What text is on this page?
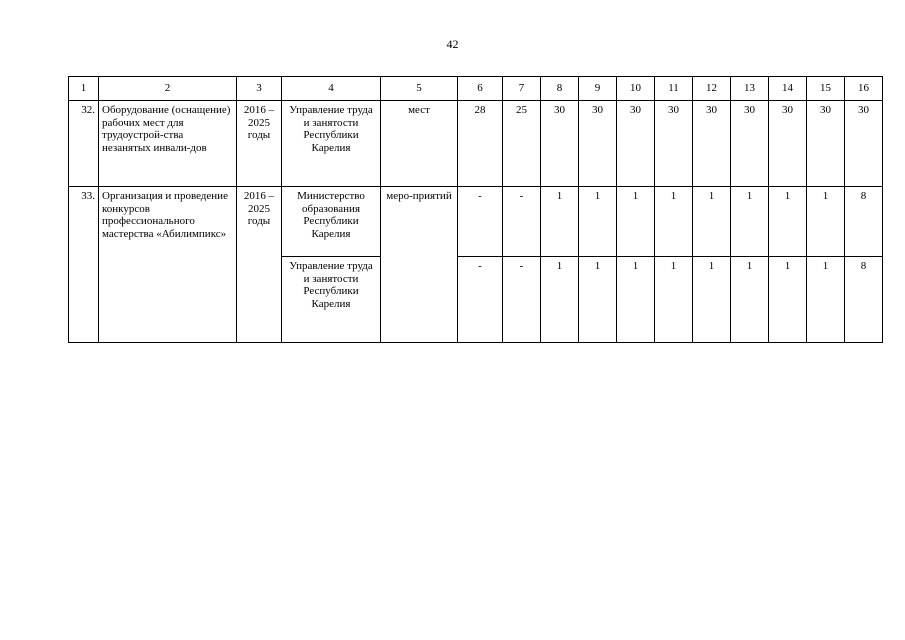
42
1	2	3	4	5	6	7	8	9	10	11	12	13	14	15	16
32.	Оборудование (оснащение) рабочих мест для трудоустрой-ства незанятых инвали-дов	2016 – 2025 годы	Управление труда и занятости Республики Карелия	мест	28	25	30	30	30	30	30	30	30	30	30
33.	Организация и проведение конкурсов профессионального мастерства «Абилимпикс»	2016 – 2025 годы	Министерство образования Республики Карелия	меро-приятий	-	-	1	1	1	1	1	1	1	1	8
			Управление труда и занятости Республики Карелия		-	-	1	1	1	1	1	1	1	1	8
